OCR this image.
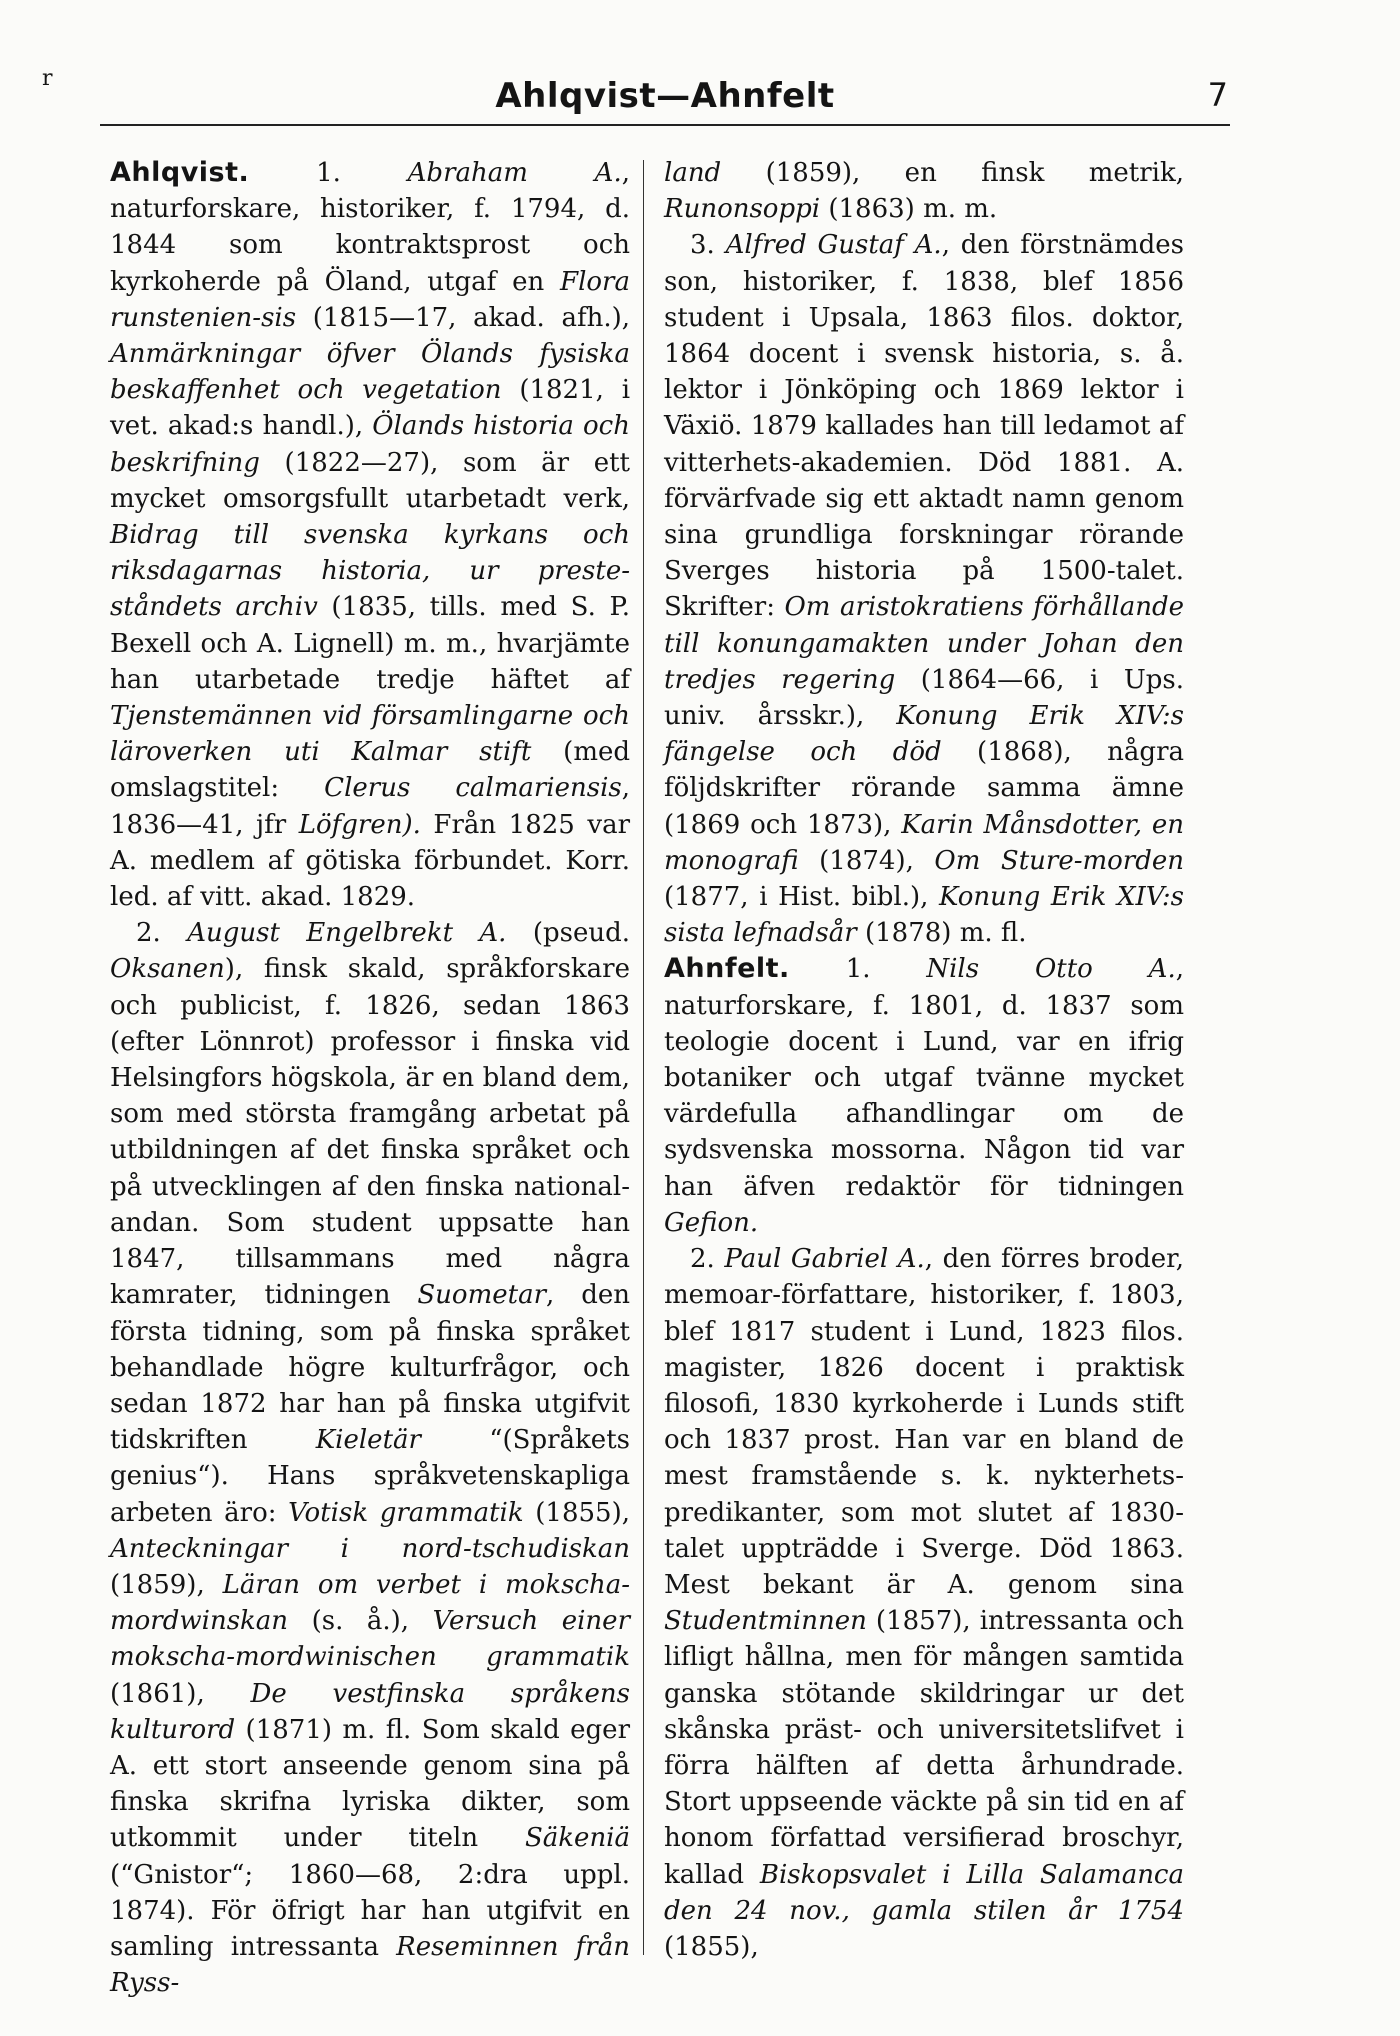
r	Ahlqvist—Ahnfelt	7

Ahlqvist. 1. Abraham A., naturforskare, historiker, f. 1794, d. 1844 som kontraktsprost och kyrkoherde på Öland, utgaf en Flora runstenien-sis (1815—17, akad. afh.), Anmärkningar öfver Ölands fysiska beskaffenhet och vegetation (1821, i vet. akad:s handl.), Ölands historia och beskrifning (1822—27), som är ett mycket omsorgsfullt utarbetadt verk, Bidrag till svenska kyrkans och riksdagarnas historia, ur preste-ståndets archiv (1835, tills. med S. P. Bexell och A. Lignell) m. m., hvarjämte han utarbetade tredje häftet af Tjenstemännen vid församlingarne och läroverken uti Kalmar stift (med omslagstitel: Clerus calmariensis, 1836—41, jfr Löfgren). Från 1825 var A. medlem af götiska förbundet. Korr. led. af vitt. akad. 1829.

2. August Engelbrekt A. (pseud. Oksanen), finsk skald, språkforskare och publicist, f. 1826, sedan 1863 (efter Lönnrot) professor i finska vid Helsingfors högskola, är en bland dem, som med största framgång arbetat på utbildningen af det finska språket och på utvecklingen af den finska national-andan. Som student uppsatte han 1847, tillsammans med några kamrater, tidningen Suometar, den första tidning, som på finska språket behandlade högre kulturfrågor, och sedan 1872 har han på finska utgifvit tidskriften Kieletär “(Språkets genius“). Hans språkvetenskapliga arbeten äro: Votisk grammatik (1855), Anteckningar i nord-tschudiskan (1859), Läran om verbet i mokscha-mordwinskan (s. å.), Versuch einer mokscha-mordwinischen grammatik (1861), De vestfinska språkens kulturord (1871) m. fl. Som skald eger A. ett stort anseende genom sina på finska skrifna lyriska dikter, som utkommit under titeln Säkeniä (“Gnistor“; 1860—68, 2:dra uppl. 1874). För öfrigt har han utgifvit en samling intressanta Reseminnen från Ryss-

land (1859), en finsk metrik, Runonsoppi (1863) m. m.

3. Alfred Gustaf A., den förstnämdes son, historiker, f. 1838, blef 1856 student i Upsala, 1863 filos. doktor, 1864 docent i svensk historia, s. å. lektor i Jönköping och 1869 lektor i Växiö. 1879 kallades han till ledamot af vitterhets-akademien. Död 1881. A. förvärfvade sig ett aktadt namn genom sina grundliga forskningar rörande Sverges historia på 1500-talet. Skrifter: Om aristokratiens förhållande till konungamakten under Johan den tredjes regering (1864—66, i Ups. univ. årsskr.), Konung Erik XIV:s fängelse och död (1868), några följdskrifter rörande samma ämne (1869 och 1873), Karin Månsdotter, en monografi (1874), Om Sture-morden (1877, i Hist. bibl.), Konung Erik XIV:s sista lefnadsår (1878) m. fl.

Ahnfelt. 1. Nils Otto A., naturforskare, f. 1801, d. 1837 som teologie docent i Lund, var en ifrig botaniker och utgaf tvänne mycket värdefulla afhandlingar om de sydsvenska mossorna. Någon tid var han äfven redaktör för tidningen Gefion.

2. Paul Gabriel A., den förres broder, memoar-författare, historiker, f. 1803, blef 1817 student i Lund, 1823 filos. magister, 1826 docent i praktisk filosofi, 1830 kyrkoherde i Lunds stift och 1837 prost. Han var en bland de mest framstående s. k. nykterhets-predikanter, som mot slutet af 1830-talet uppträdde i Sverge. Död 1863. Mest bekant är A. genom sina Studentminnen (1857), intressanta och lifligt hållna, men för mången samtida ganska stötande skildringar ur det skånska präst- och universitetslifvet i förra hälften af detta århundrade. Stort uppseende väckte på sin tid en af honom författad versifierad broschyr, kallad Biskopsvalet i Lilla Salamanca den 24 nov., gamla stilen år 1754 (1855),
